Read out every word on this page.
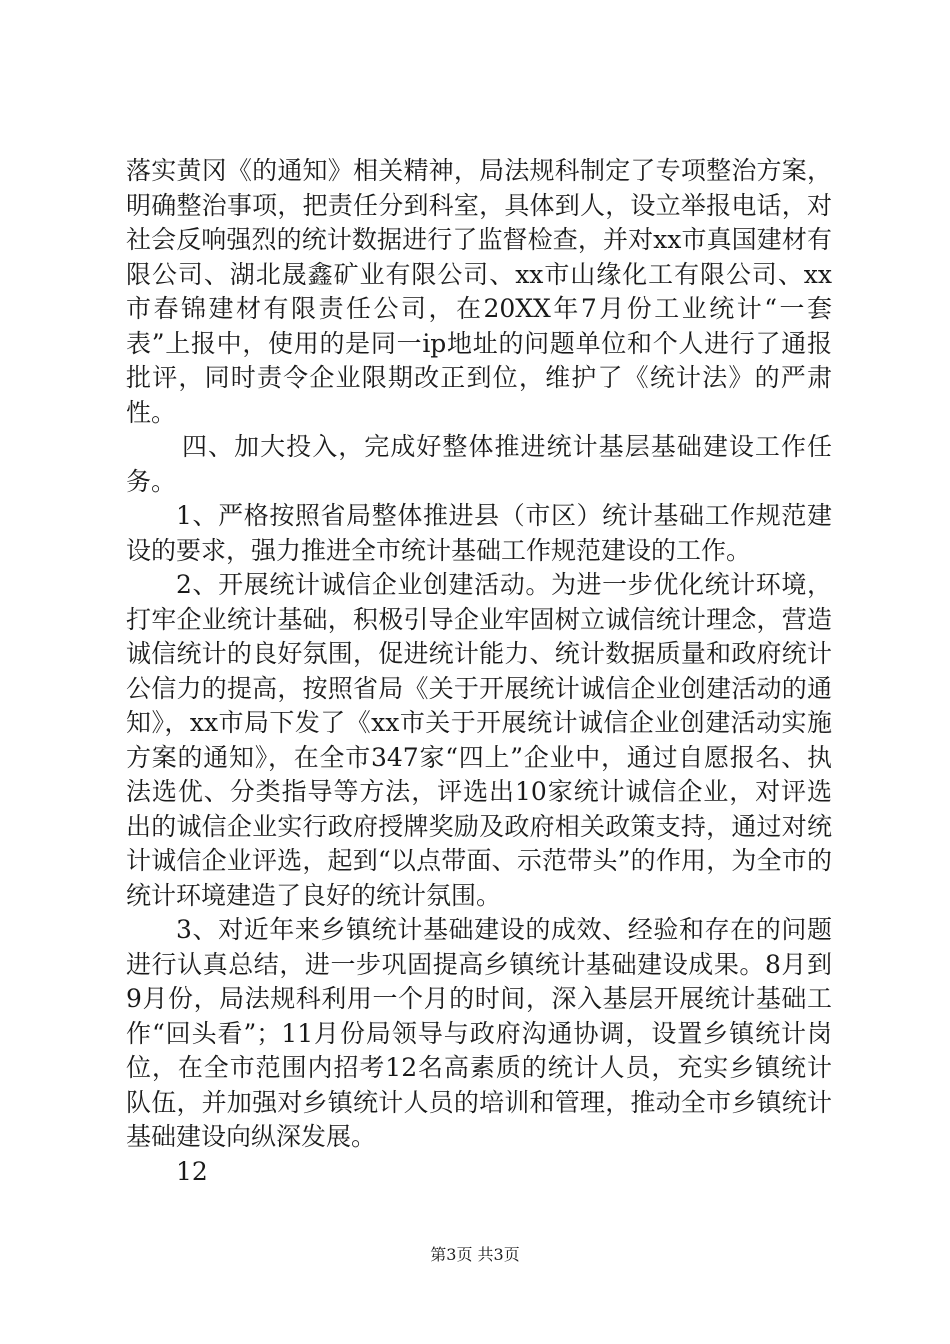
落实黄冈《的通知》相关精神，局法规科制定了专项整治方案，明确整治事项，把责任分到科室，具体到人，设立举报电话，对社会反响强烈的统计数据进行了监督检查，并对xx市真国建材有限公司、湖北晟鑫矿业有限公司、xx市山缘化工有限公司、xx市春锦建材有限责任公司，在20XX年7月份工业统计“一套表”上报中，使用的是同一ip地址的问题单位和个人进行了通报批评，同时责令企业限期改正到位，维护了《统计法》的严肃性。

四、加大投入，完成好整体推进统计基层基础建设工作任务。

1、严格按照省局整体推进县（市区）统计基础工作规范建设的要求，强力推进全市统计基础工作规范建设的工作。

2、开展统计诚信企业创建活动。为进一步优化统计环境，打牢企业统计基础，积极引导企业牢固树立诚信统计理念，营造诚信统计的良好氛围，促进统计能力、统计数据质量和政府统计公信力的提高，按照省局《关于开展统计诚信企业创建活动的通知》，xx市局下发了《xx市关于开展统计诚信企业创建活动实施方案的通知》，在全市347家“四上”企业中，通过自愿报名、执法选优、分类指导等方法，评选出10家统计诚信企业，对评选出的诚信企业实行政府授牌奖励及政府相关政策支持，通过对统计诚信企业评选，起到“以点带面、示范带头”的作用，为全市的统计环境建造了良好的统计氛围。

3、对近年来乡镇统计基础建设的成效、经验和存在的问题进行认真总结，进一步巩固提高乡镇统计基础建设成果。8月到9月份，局法规科利用一个月的时间，深入基层开展统计基础工作“回头看”；11月份局领导与政府沟通协调，设置乡镇统计岗位，在全市范围内招考12名高素质的统计人员，充实乡镇统计队伍，并加强对乡镇统计人员的培训和管理，推动全市乡镇统计基础建设向纵深发展。

12

第3页 共3页
